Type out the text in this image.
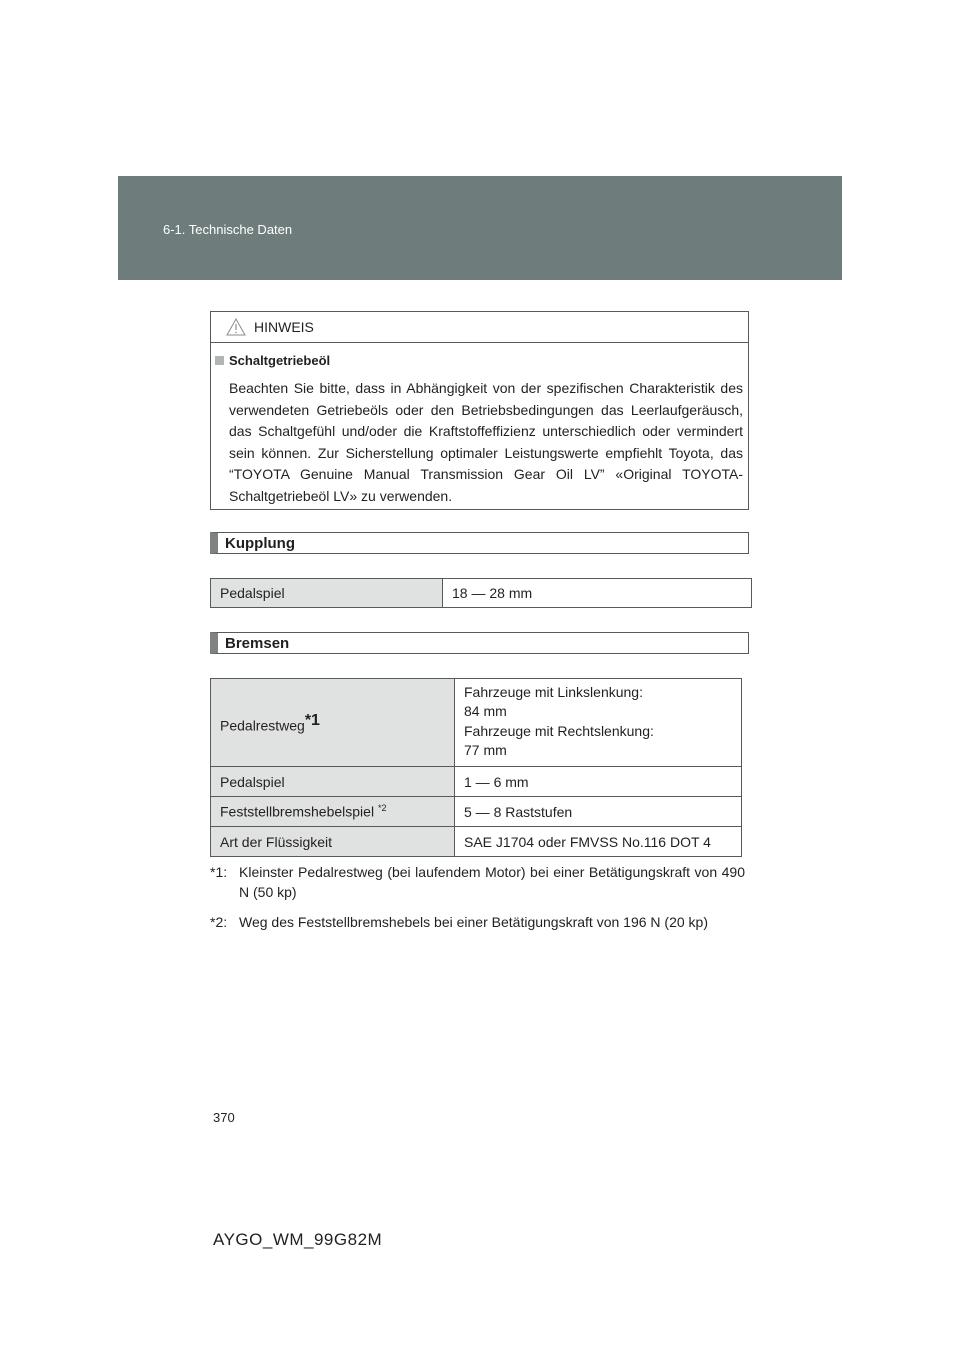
6-1. Technische Daten
HINWEIS
Schaltgetriebeöl
Beachten Sie bitte, dass in Abhängigkeit von der spezifischen Charakteristik des verwendeten Getriebeöls oder den Betriebsbedingungen das Leerlaufgeräusch, das Schaltgefühl und/oder die Kraftstoffeffizienz unterschiedlich oder vermindert sein können. Zur Sicherstellung optimaler Leistungswerte empfiehlt Toyota, das “TOYOTA Genuine Manual Transmission Gear Oil LV” «Original TOYOTA-Schaltgetriebeöl LV» zu verwenden.
Kupplung
Pedalspiel	18 — 28 mm
Bremsen
Pedalrestweg$^{*1}$	Fahrzeuge mit Linkslenkung:
84 mm
Fahrzeuge mit Rechtslenkung:
77 mm

Pedalspiel	1 — 6 mm
Feststellbremshebelspiel $^{*2}$	5 — 8 Raststufen
Art der Flüssigkeit	SAE J1704 oder FMVSS No.116 DOT 4
*1: Kleinster Pedalrestweg (bei laufendem Motor) bei einer Betätigungskraft von 490 N (50 kp)
*2: Weg des Feststellbremshebels bei einer Betätigungskraft von 196 N (20 kp)
370
AYGO_WM_99G82M
